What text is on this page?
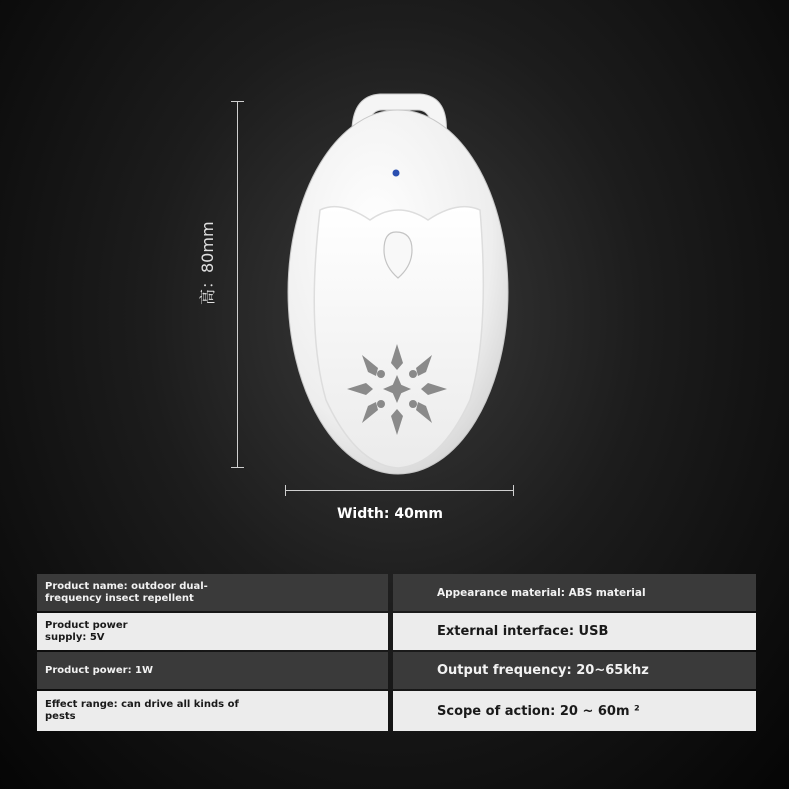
高：80mm
Width: 40mm
Product name: outdoor dual-frequency insect repellent	Appearance material: ABS material
Product power supply: 5V	External interface: USB
Product power: 1W	Output frequency: 20~65khz
Effect range: can drive all kinds of pests	Scope of action: 20 ~ 60m ²
